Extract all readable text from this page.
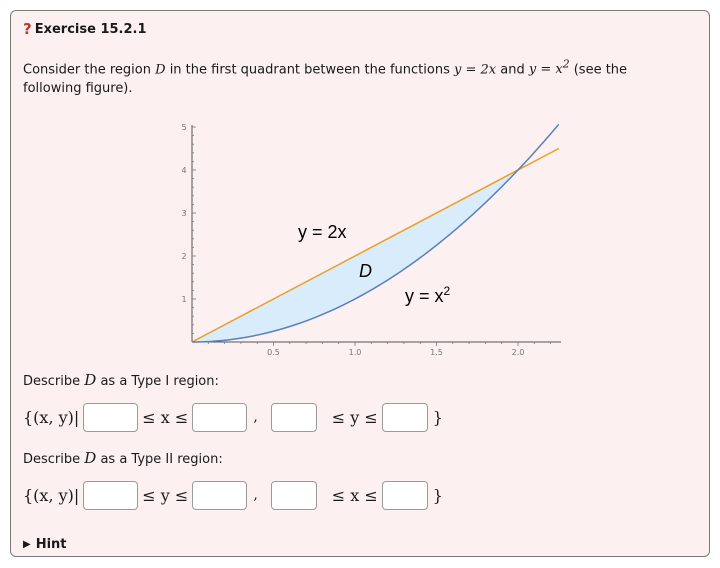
? Exercise 15.2.1
Consider the region D in the first quadrant between the functions y = 2x and $y = x^2$ (see the
following figure).
0.5	1.0	1.5	2.0
1
2
3
4
5
y = 2x
D
$y = x^2$
Describe D as a Type I region:
{(x, y)|	≤ x ≤	,	≤ y ≤	}
Describe D as a Type II region:
{(x, y)|	≤ y ≤	,	≤ x ≤	}
▶ Hint
